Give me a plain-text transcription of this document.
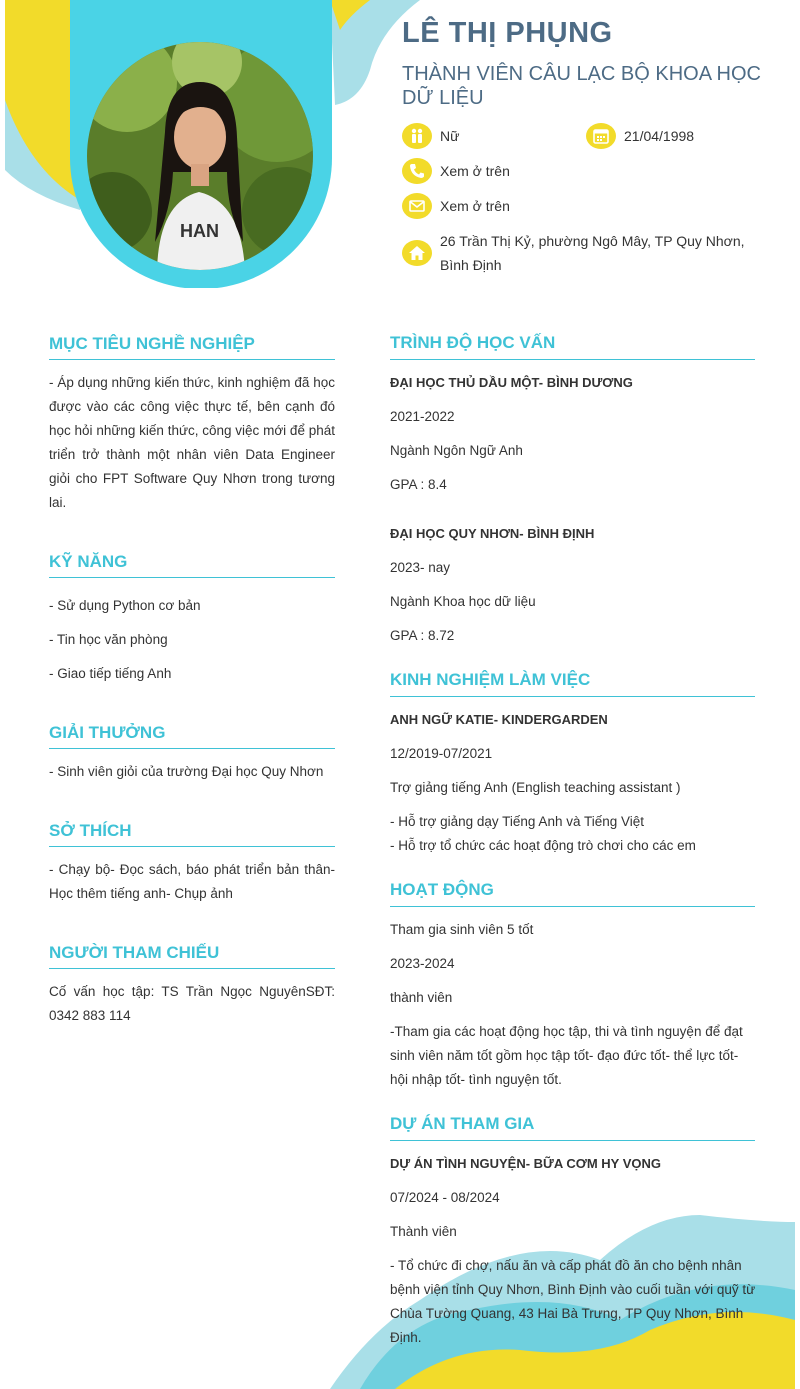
HAN
LÊ THỊ PHỤNG
THÀNH VIÊN CÂU LẠC BỘ KHOA HỌC DỮ LIỆU
Nữ	21/04/1998
Xem ở trên
Xem ở trên
26 Trần Thị Kỷ, phường Ngô Mây, TP Quy Nhơn, Bình Định
MỤC TIÊU NGHỀ NGHIỆP
- Áp dụng những kiến thức, kinh nghiệm đã học được vào các công việc thực tế, bên cạnh đó học hỏi những kiến thức, công việc mới để phát triển trở thành một nhân viên Data Engineer giỏi cho FPT Software Quy Nhơn trong tương lai.
KỸ NĂNG
- Sử dụng Python cơ bản
- Tin học văn phòng
- Giao tiếp tiếng Anh
GIẢI THƯỞNG
- Sinh viên giỏi của trường Đại học Quy Nhơn
SỞ THÍCH
- Chạy bộ- Đọc sách, báo phát triển bản thân- Học thêm tiếng anh- Chụp ảnh
NGƯỜI THAM CHIẾU
Cố vấn học tập: TS Trần Ngọc NguyênSĐT: 0342 883 114
TRÌNH ĐỘ HỌC VẤN
ĐẠI HỌC THỦ DẦU MỘT- BÌNH DƯƠNG
2021-2022
Ngành Ngôn Ngữ Anh
GPA : 8.4
ĐẠI HỌC QUY NHƠN- BÌNH ĐỊNH
2023- nay
Ngành Khoa học dữ liệu
GPA : 8.72
KINH NGHIỆM LÀM VIỆC
ANH NGỮ KATIE- KINDERGARDEN
12/2019-07/2021
Trợ giảng tiếng Anh (English teaching assistant )
- Hỗ trợ giảng dạy Tiếng Anh và Tiếng Việt
- Hỗ trợ tổ chức các hoạt động trò chơi cho các em
HOẠT ĐỘNG
Tham gia sinh viên 5 tốt
2023-2024
thành viên
-Tham gia các hoạt động học tập, thi và tình nguyện để đạt sinh viên năm tốt gồm học tập tốt- đạo đức tốt- thể lực tốt- hội nhập tốt- tình nguyện tốt.
DỰ ÁN THAM GIA
DỰ ÁN TÌNH NGUYỆN- BỮA CƠM HY VỌNG
07/2024 - 08/2024
Thành viên
- Tổ chức đi chợ, nấu ăn và cấp phát đồ ăn cho bệnh nhân bệnh viện tỉnh Quy Nhơn, Bình Định vào cuối tuần với quỹ từ Chùa Tường Quang, 43 Hai Bà Trưng, TP Quy Nhơn, Bình Định.
